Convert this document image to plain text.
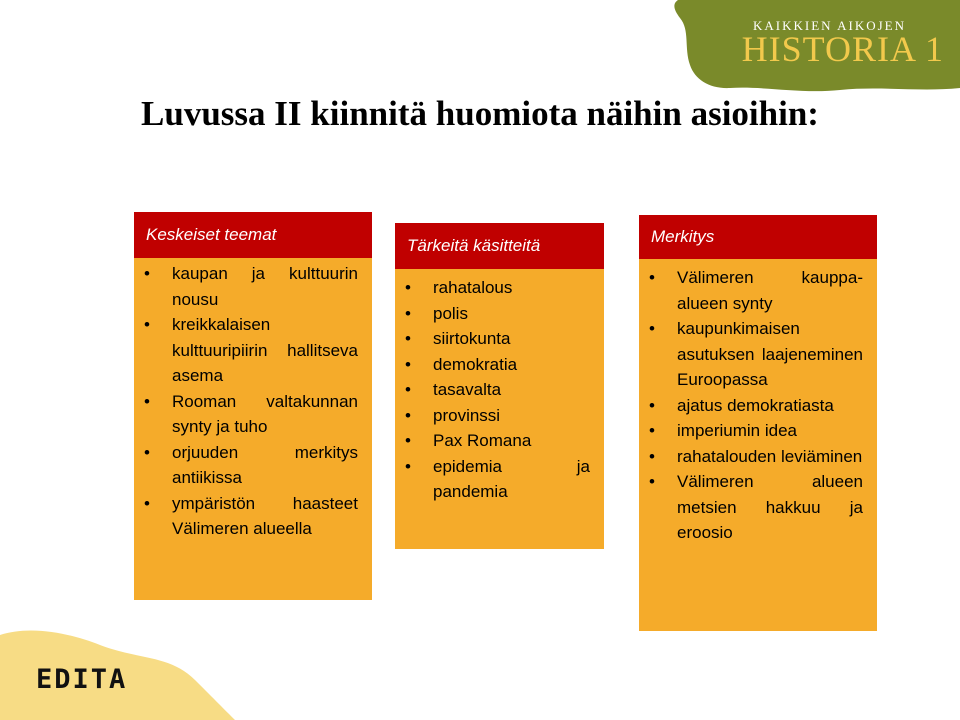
KAIKKIEN AIKOJEN
HISTORIA 1
EDITA
Luvussa II kiinnitä huomiota näihin asioihin:
Keskeiset teemat
• kaupan ja kulttuurin nousu
• kreikkalaisen kulttuuripiirin hallitseva asema
• Rooman valtakunnan synty ja tuho
• orjuuden merkitys antiikissa
• ympäristön haasteet Välimeren alueella
Tärkeitä käsitteitä
• rahatalous
• polis
• siirtokunta
• demokratia
• tasavalta
• provinssi
• Pax Romana
• epidemia ja pandemia
Merkitys
• Välimeren kauppa-alueen synty
• kaupunkimaisen asutuksen laajeneminen Euroopassa
• ajatus demokratiasta
• imperiumin idea
• rahatalouden leviäminen
• Välimeren alueen metsien hakkuu ja eroosio
